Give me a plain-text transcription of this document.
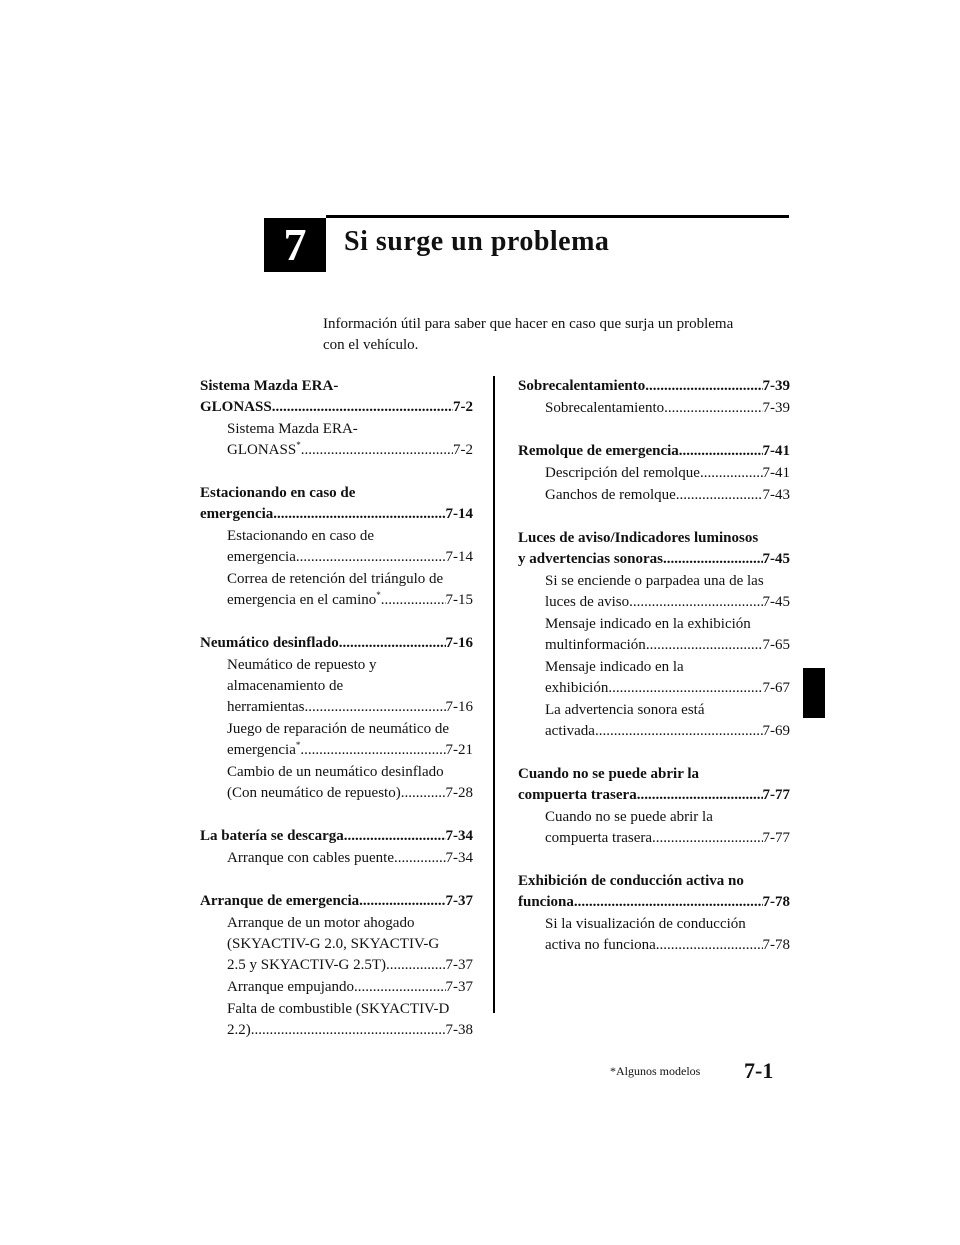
7	Si surge un problema
Información útil para saber que hacer en caso que surja un problema
con el vehículo.
Sistema Mazda ERA-
GLONASS .....	7-2
Sistema Mazda ERA-
GLONASS* .....	7-2
Estacionando en caso de
emergencia .....	7-14
Estacionando en caso de
emergencia .....	7-14
Correa de retención del triángulo de
emergencia en el camino* .....	7-15
Neumático desinflado .....	7-16
Neumático de repuesto y
almacenamiento de
herramientas .....	7-16
Juego de reparación de neumático de
emergencia* .....	7-21
Cambio de un neumático desinflado
(Con neumático de repuesto) .....	7-28
La batería se descarga .....	7-34
Arranque con cables puente .....	7-34
Arranque de emergencia .....	7-37
Arranque de un motor ahogado
(SKYACTIV-G 2.0, SKYACTIV-G
2.5 y SKYACTIV-G 2.5T) .....	7-37
Arranque empujando .....	7-37
Falta de combustible (SKYACTIV-D
2.2) .....	7-38
Sobrecalentamiento .....	7-39
Sobrecalentamiento .....	7-39
Remolque de emergencia .....	7-41
Descripción del remolque .....	7-41
Ganchos de remolque .....	7-43
Luces de aviso/Indicadores luminosos
y advertencias sonoras .....	7-45
Si se enciende o parpadea una de las
luces de aviso .....	7-45
Mensaje indicado en la exhibición
multinformación .....	7-65
Mensaje indicado en la
exhibición .....	7-67
La advertencia sonora está
activada .....	7-69
Cuando no se puede abrir la
compuerta trasera .....	7-77
Cuando no se puede abrir la
compuerta trasera .....	7-77
Exhibición de conducción activa no
funciona .....	7-78
Si la visualización de conducción
activa no funciona .....	7-78
*Algunos modelos 7-1
